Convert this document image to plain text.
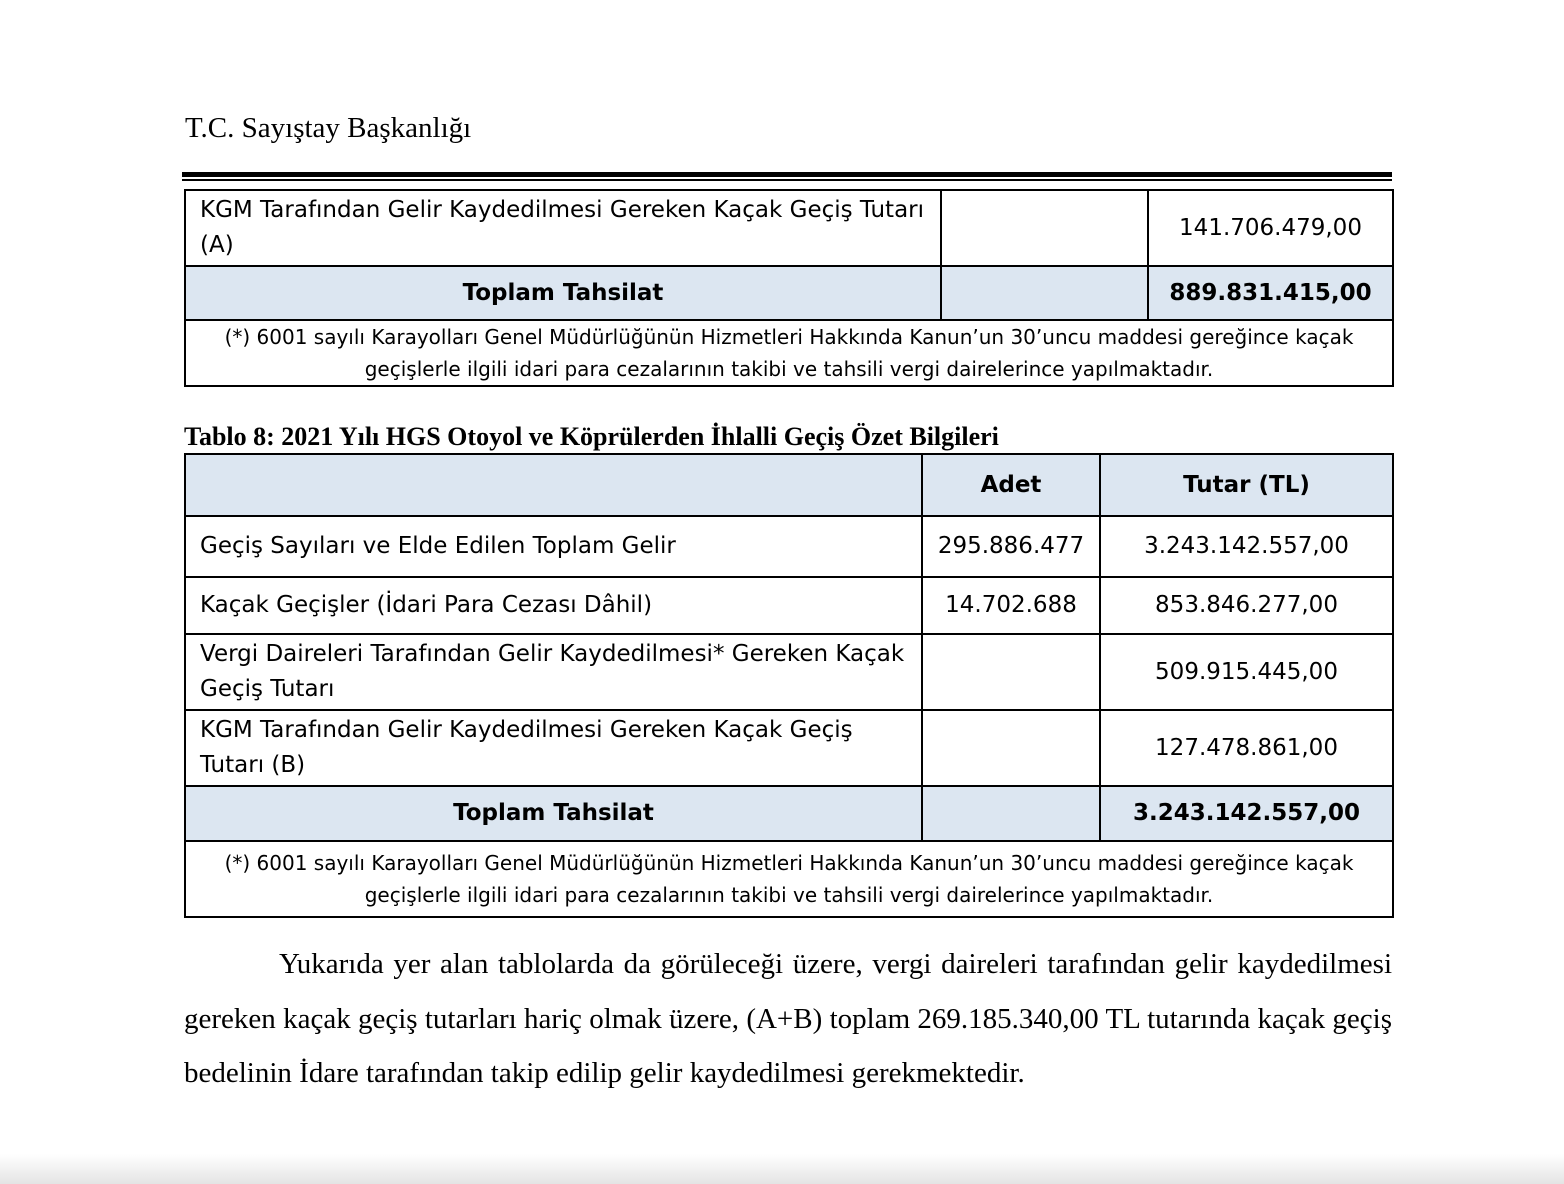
T.C. Sayıştay Başkanlığı
KGM Tarafından Gelir Kaydedilmesi Gereken Kaçak Geçiş Tutarı (A)		141.706.479,00
Toplam Tahsilat		889.831.415,00
(*) 6001 sayılı Karayolları Genel Müdürlüğünün Hizmetleri Hakkında Kanun’un 30’uncu maddesi gereğince kaçak geçişlerle ilgili idari para cezalarının takibi ve tahsili vergi dairelerince yapılmaktadır.		
Tablo 8: 2021 Yılı HGS Otoyol ve Köprülerden İhlalli Geçiş Özet Bilgileri
	Adet	Tutar (TL)
Geçiş Sayıları ve Elde Edilen Toplam Gelir	295.886.477	3.243.142.557,00
Kaçak Geçişler (İdari Para Cezası Dâhil)	14.702.688	853.846.277,00
Vergi Daireleri Tarafından Gelir Kaydedilmesi* Gereken Kaçak Geçiş Tutarı		509.915.445,00
KGM Tarafından Gelir Kaydedilmesi Gereken Kaçak Geçiş Tutarı (B)		127.478.861,00
Toplam Tahsilat		3.243.142.557,00
(*) 6001 sayılı Karayolları Genel Müdürlüğünün Hizmetleri Hakkında Kanun’un 30’uncu maddesi gereğince kaçak geçişlerle ilgili idari para cezalarının takibi ve tahsili vergi dairelerince yapılmaktadır.		

Yukarıda yer alan tablolarda da görüleceği üzere, vergi daireleri tarafından gelir kaydedilmesi gereken kaçak geçiş tutarları hariç olmak üzere, (A+B) toplam 269.185.340,00 TL tutarında kaçak geçiş bedelinin İdare tarafından takip edilip gelir kaydedilmesi gerekmektedir.
